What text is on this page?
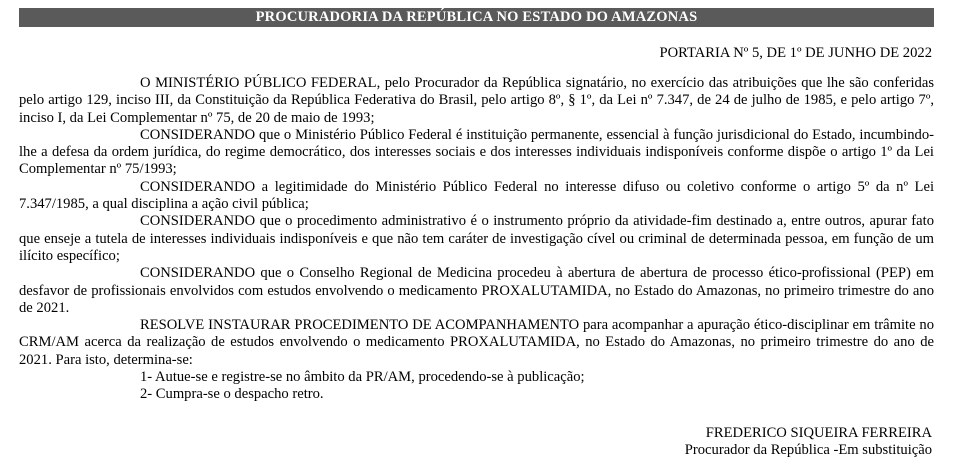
PROCURADORIA DA REPÚBLICA NO ESTADO DO AMAZONAS
PORTARIA Nº 5, DE 1º DE JUNHO DE 2022

O MINISTÉRIO PÚBLICO FEDERAL, pelo Procurador da República signatário, no exercício das atribuições que lhe são conferidas pelo artigo 129, inciso III, da Constituição da República Federativa do Brasil, pelo artigo 8º, § 1º, da Lei nº 7.347, de 24 de julho de 1985, e pelo artigo 7º, inciso I, da Lei Complementar nº 75, de 20 de maio de 1993;

CONSIDERANDO que o Ministério Público Federal é instituição permanente, essencial à função jurisdicional do Estado, incumbindo-lhe a defesa da ordem jurídica, do regime democrático, dos interesses sociais e dos interesses individuais indisponíveis conforme dispõe o artigo 1º da Lei Complementar nº 75/1993;

CONSIDERANDO a legitimidade do Ministério Público Federal no interesse difuso ou coletivo conforme o artigo 5º da nº Lei 7.347/1985, a qual disciplina a ação civil pública;

CONSIDERANDO que o procedimento administrativo é o instrumento próprio da atividade-fim destinado a, entre outros, apurar fato que enseje a tutela de interesses individuais indisponíveis e que não tem caráter de investigação cível ou criminal de determinada pessoa, em função de um ilícito específico;

CONSIDERANDO que o Conselho Regional de Medicina procedeu à abertura de abertura de processo ético-profissional (PEP) em desfavor de profissionais envolvidos com estudos envolvendo o medicamento PROXALUTAMIDA, no Estado do Amazonas, no primeiro trimestre do ano de 2021.

RESOLVE INSTAURAR PROCEDIMENTO DE ACOMPANHAMENTO para acompanhar a apuração ético-disciplinar em trâmite no CRM/AM acerca da realização de estudos envolvendo o medicamento PROXALUTAMIDA, no Estado do Amazonas, no primeiro trimestre do ano de 2021. Para isto, determina-se:

1- Autue-se e registre-se no âmbito da PR/AM, procedendo-se à publicação;

2- Cumpra-se o despacho retro.

FREDERICO SIQUEIRA FERREIRA
Procurador da República -Em substituição
